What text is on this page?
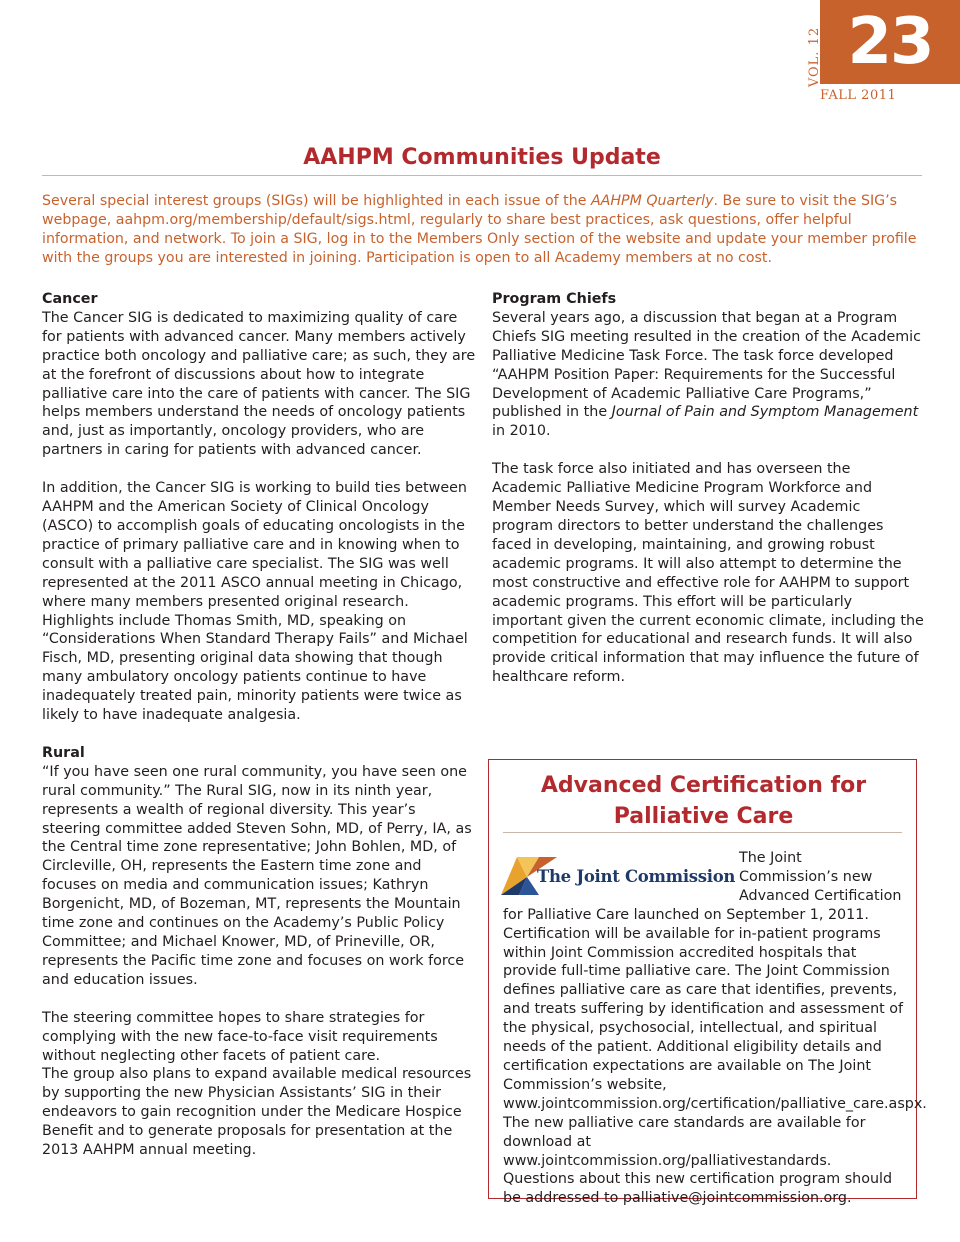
23
VOL. 12
FALL 2011
AAHPM Communities Update

Several special interest groups (SIGs) will be highlighted in each issue of the AAHPM Quarterly. Be sure to visit the SIG’s webpage, aahpm.org/membership/default/sigs.html, regularly to share best practices, ask questions, offer helpful information, and network. To join a SIG, log in to the Members Only section of the website and update your member profile with the groups you are interested in joining. Participation is open to all Academy members at no cost.

Cancer

The Cancer SIG is dedicated to maximizing quality of care for patients with advanced cancer. Many members actively practice both oncology and palliative care; as such, they are at the forefront of discussions about how to integrate palliative care into the care of patients with cancer. The SIG helps members understand the needs of oncology patients and, just as importantly, oncology providers, who are partners in caring for patients with advanced cancer.

In addition, the Cancer SIG is working to build ties between AAHPM and the American Society of Clinical Oncology (ASCO) to accomplish goals of educating oncologists in the practice of primary palliative care and in knowing when to consult with a palliative care specialist. The SIG was well represented at the 2011 ASCO annual meeting in Chicago, where many members presented original research. Highlights include Thomas Smith, MD, speaking on “Considerations When Standard Therapy Fails” and Michael Fisch, MD, presenting original data showing that though many ambulatory oncology patients continue to have inadequately treated pain, minority patients were twice as likely to have inadequate analgesia.

Rural

“If you have seen one rural community, you have seen one rural community.” The Rural SIG, now in its ninth year, represents a wealth of regional diversity. This year’s steering committee added Steven Sohn, MD, of Perry, IA, as the Central time zone representative; John Bohlen, MD, of Circleville, OH, represents the Eastern time zone and focuses on media and communication issues; Kathryn Borgenicht, MD, of Bozeman, MT, represents the Mountain time zone and continues on the Academy’s Public Policy Committee; and Michael Knower, MD, of Prineville, OR, represents the Pacific time zone and focuses on work force and education issues.

The steering committee hopes to share strategies for complying with the new face-to-face visit requirements without neglecting other facets of patient care.

The group also plans to expand available medical resources by supporting the new Physician Assistants’ SIG in their endeavors to gain recognition under the Medicare Hospice Benefit and to generate proposals for presentation at the 2013 AAHPM annual meeting.

Program Chiefs

Several years ago, a discussion that began at a Program Chiefs SIG meeting resulted in the creation of the Academic Palliative Medicine Task Force. The task force developed “AAHPM Position Paper: Requirements for the Successful Development of Academic Palliative Care Programs,” published in the Journal of Pain and Symptom Management in 2010.

The task force also initiated and has overseen the Academic Palliative Medicine Program Workforce and Member Needs Survey, which will survey Academic program directors to better understand the challenges faced in developing, maintaining, and growing robust academic programs. It will also attempt to determine the most constructive and effective role for AAHPM to support academic programs. This effort will be particularly important given the current economic climate, including the competition for educational and research funds. It will also provide critical information that may influence the future of healthcare reform.

Advanced Certification for
Palliative Care
The Joint Commission
The Joint Commission’s new Advanced Certification for Palliative Care launched on September 1, 2011. Certification will be available for in-patient programs within Joint Commission accredited hospitals that provide full-time palliative care. The Joint Commission defines palliative care as care that identifies, prevents, and treats suffering by identification and assessment of the physical, psychosocial, intellectual, and spiritual needs of the patient. Additional eligibility details and certification expectations are available on The Joint Commission’s website, www.jointcommission.org/certification/palliative_care.aspx. The new palliative care standards are available for download at www.jointcommission.org/palliativestandards. Questions about this new certification program should be addressed to palliative@jointcommission.org.
